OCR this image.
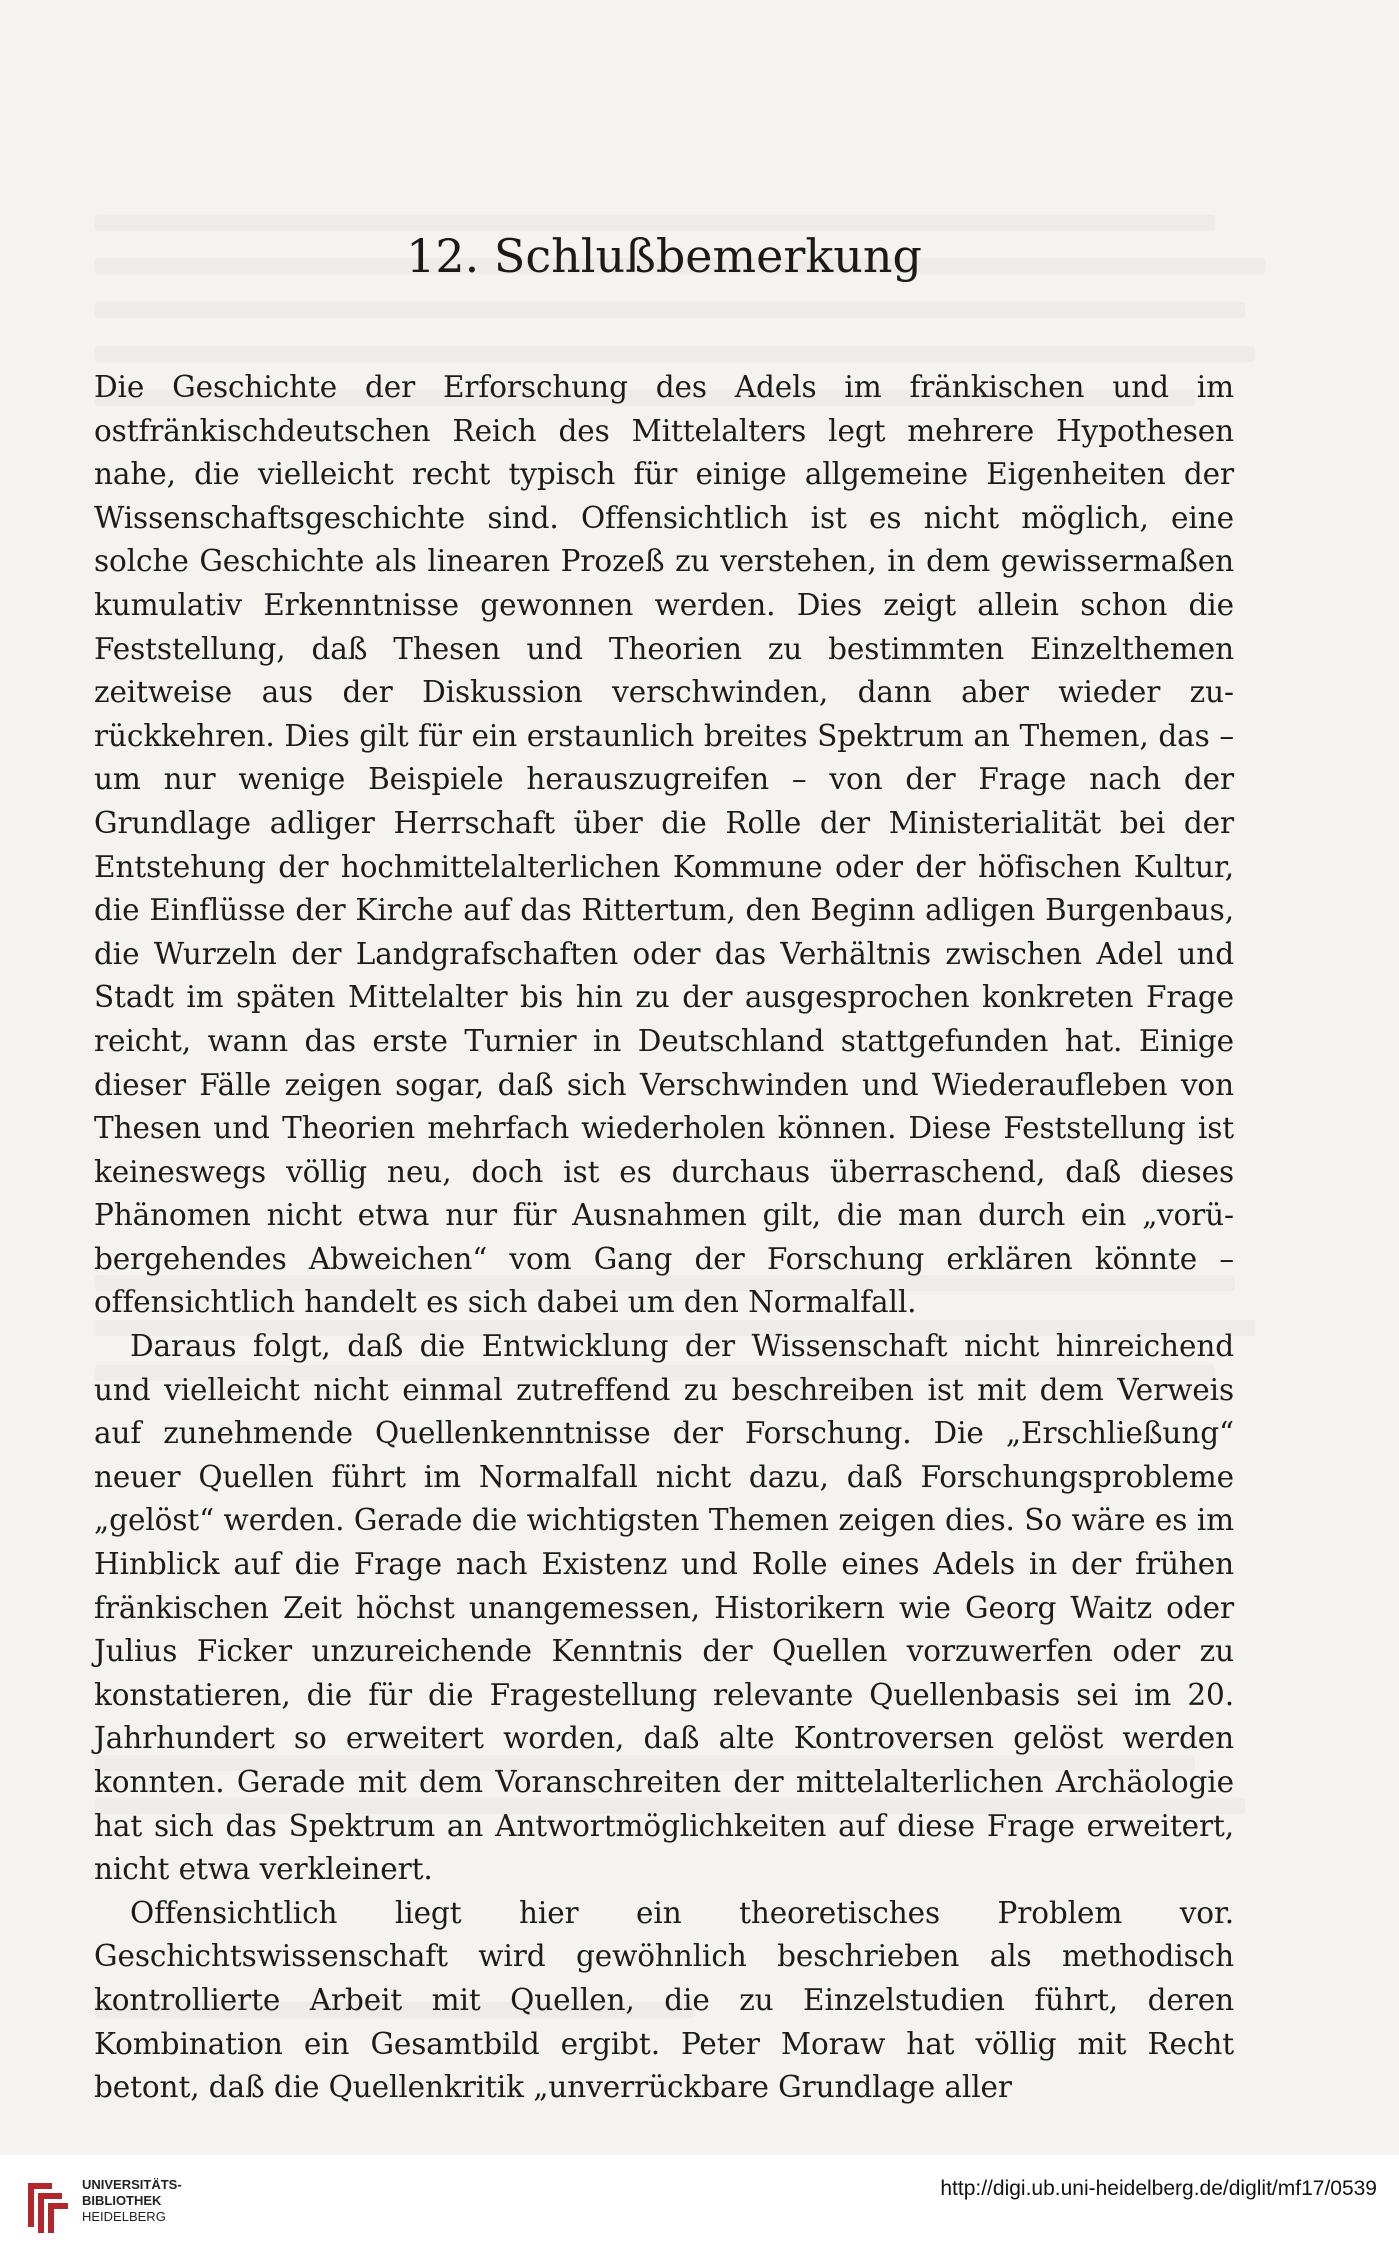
12. Schlußbemerkung

Die Geschichte der Erforschung des Adels im fränkischen und im ostfränkischdeutschen Reich des Mittelalters legt mehrere Hypothesen nahe, die vielleicht recht typisch für einige allgemeine Eigenheiten der Wissenschaftsgeschichte sind. Offensichtlich ist es nicht möglich, eine solche Geschichte als linearen Prozeß zu verstehen, in dem gewissermaßen kumulativ Erkenntnisse gewonnen werden. Dies zeigt allein schon die Feststellung, daß Thesen und Theorien zu bestimmten Einzelthemen zeitweise aus der Diskussion verschwinden, dann aber wieder zurückkehren. Dies gilt für ein erstaunlich breites Spektrum an Themen, das – um nur wenige Beispiele herauszugreifen – von der Frage nach der Grundlage adliger Herrschaft über die Rolle der Ministerialität bei der Entstehung der hochmittelalterlichen Kommune oder der höfischen Kultur, die Einflüsse der Kirche auf das Rittertum, den Beginn adligen Burgenbaus, die Wurzeln der Landgrafschaften oder das Verhältnis zwischen Adel und Stadt im späten Mittelalter bis hin zu der ausgesprochen konkreten Frage reicht, wann das erste Turnier in Deutschland stattgefunden hat. Einige dieser Fälle zeigen sogar, daß sich Verschwinden und Wiederaufleben von Thesen und Theorien mehrfach wiederholen können. Diese Feststellung ist keineswegs völlig neu, doch ist es durchaus überraschend, daß dieses Phänomen nicht etwa nur für Ausnahmen gilt, die man durch ein „vorübergehendes Abweichen“ vom Gang der Forschung erklären könnte – offensichtlich handelt es sich dabei um den Normalfall.

Daraus folgt, daß die Entwicklung der Wissenschaft nicht hinreichend und vielleicht nicht einmal zutreffend zu beschreiben ist mit dem Verweis auf zunehmende Quellenkenntnisse der Forschung. Die „Erschließung“ neuer Quellen führt im Normalfall nicht dazu, daß Forschungsprobleme „gelöst“ werden. Gerade die wichtigsten Themen zeigen dies. So wäre es im Hinblick auf die Frage nach Existenz und Rolle eines Adels in der frühen fränkischen Zeit höchst unangemessen, Historikern wie Georg Waitz oder Julius Ficker unzureichende Kenntnis der Quellen vorzuwerfen oder zu konstatieren, die für die Fragestellung relevante Quellenbasis sei im 20. Jahrhundert so erweitert worden, daß alte Kontroversen gelöst werden konnten. Gerade mit dem Voranschreiten der mittelalterlichen Archäologie hat sich das Spektrum an Antwortmöglichkeiten auf diese Frage erweitert, nicht etwa verkleinert.

Offensichtlich liegt hier ein theoretisches Problem vor. Geschichtswissenschaft wird gewöhnlich beschrieben als methodisch kontrollierte Arbeit mit Quellen, die zu Einzelstudien führt, deren Kombination ein Gesamtbild ergibt. Peter Moraw hat völlig mit Recht betont, daß die Quellenkritik „unverrückbare Grundlage aller

UNIVERSITÄTS-
BIBLIOTHEK
HEIDELBERG
http://digi.ub.uni-heidelberg.de/diglit/mf17/0539
